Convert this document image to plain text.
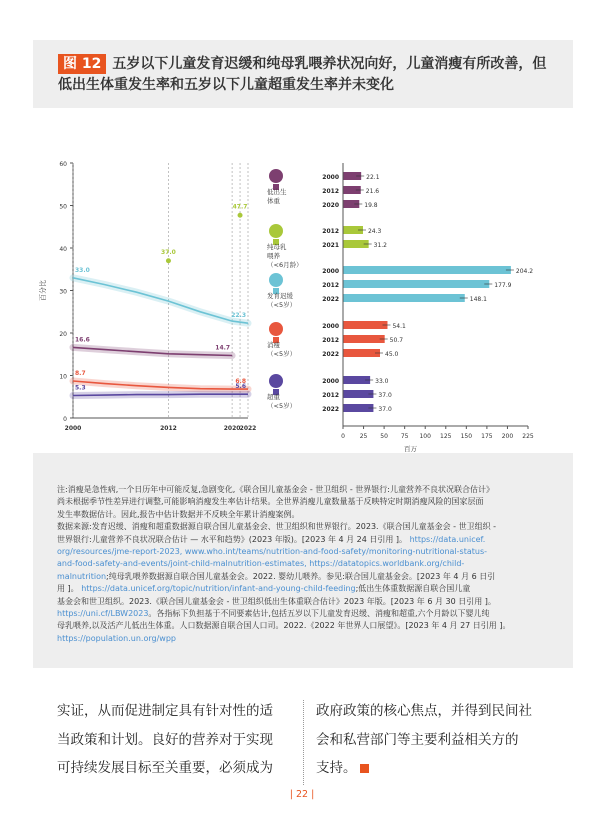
图 12 五岁以下儿童发育迟缓和纯母乳喂养状况向好，儿童消瘦有所改善，但低出生体重发生率和五岁以下儿童超重发生率并未变化
0
10
20
30
40
50
60
2000	2012	2020 2022
百分比
33.0
22.3
16.6
14.7
8.7
6.8
5.3	5.6
37.0
47.7
低出生
体重
纯母乳
喂养
（<6月龄）
发育迟缓
（<5岁）
消瘦
（<5岁）
超重
（<5岁）
2000	22.1
2012	21.6
2020	19.8
2012	24.3
2021	31.2
2000	204.2
2012	177.9
2022	148.1
2000	54.1
2012	50.7
2022	45.0
2000	33.0
2012	37.0
2022	37.0
0 25 50 75 100 125 150 175 200 225
百万
注:消瘦是急性病,一个日历年中可能反复,急剧变化,《联合国儿童基金会 - 世卫组织 - 世界银行:儿童营养不良状况联合估计》
尚未根据季节性差异进行调整,可能影响消瘦发生率估计结果。全世界消瘦儿童数量基于反映特定时期消瘦风险的国家层面
发生率数据估计。因此,报告中估计数据并不反映全年累计消瘦案例。
数据来源:发育迟缓、消瘦和超重数据源自联合国儿童基金会、世卫组织和世界银行。2023.《联合国儿童基金会 - 世卫组织 -
世界银行:儿童营养不良状况联合估计 — 水平和趋势》(2023 年版)。[2023 年 4 月 24 日引用 ]。 https://data.unicef.
org/resources/jme-report-2023, www.who.int/teams/nutrition-and-food-safety/monitoring-nutritional-status-
and-food-safety-and-events/joint-child-malnutrition-estimates, https://datatopics.worldbank.org/child-
malnutrition;纯母乳喂养数据源自联合国儿童基金会。2022. 婴幼儿喂养。参见:联合国儿童基金会。[2023 年 4 月 6 日引
用 ]。 https://data.unicef.org/topic/nutrition/infant-and-young-child-feeding;低出生体重数据源自联合国儿童
基金会和世卫组织。2023.《联合国儿童基金会 - 世卫组织低出生体重联合估计》2023 年版。[2023 年 6 月 30 日引用 ]。
https://uni.cf/LBW2023。各指标下负担基于不同要素估计,包括五岁以下儿童发育迟缓、消瘦和超重,六个月龄以下婴儿纯
母乳喂养,以及活产儿低出生体重。人口数据源自联合国人口司。2022.《2022 年世界人口展望》。[2023 年 4 月 27 日引用 ]。
https://population.un.org/wpp
实证，从而促进制定具有针对性的适
当政策和计划。良好的营养对于实现
可持续发展目标至关重要，必须成为
政府政策的核心焦点，并得到民间社
会和私营部门等主要利益相关方的
支持。
| 22 |
